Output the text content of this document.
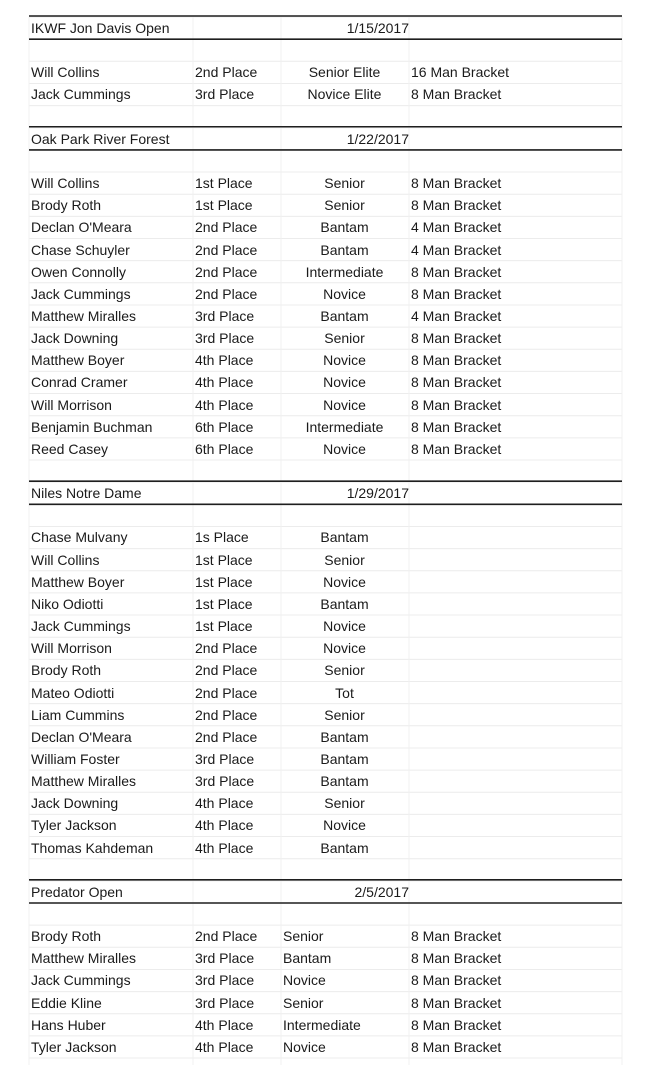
IKWF Jon Davis Open	1/15/2017
Will Collins	2nd Place	Senior Elite	16 Man Bracket
Jack Cummings	3rd Place	Novice Elite	8 Man Bracket
Oak Park River Forest	1/22/2017
Will Collins	1st Place	Senior	8 Man Bracket
Brody Roth	1st Place	Senior	8 Man Bracket
Declan O'Meara	2nd Place	Bantam	4 Man Bracket
Chase Schuyler	2nd Place	Bantam	4 Man Bracket
Owen Connolly	2nd Place	Intermediate	8 Man Bracket
Jack Cummings	2nd Place	Novice	8 Man Bracket
Matthew Miralles	3rd Place	Bantam	4 Man Bracket
Jack Downing	3rd Place	Senior	8 Man Bracket
Matthew Boyer	4th Place	Novice	8 Man Bracket
Conrad Cramer	4th Place	Novice	8 Man Bracket
Will Morrison	4th Place	Novice	8 Man Bracket
Benjamin Buchman	6th Place	Intermediate	8 Man Bracket
Reed Casey	6th Place	Novice	8 Man Bracket
Niles Notre Dame	1/29/2017
Chase Mulvany	1s Place	Bantam
Will Collins	1st Place	Senior
Matthew Boyer	1st Place	Novice
Niko Odiotti	1st Place	Bantam
Jack Cummings	1st Place	Novice
Will Morrison	2nd Place	Novice
Brody Roth	2nd Place	Senior
Mateo Odiotti	2nd Place	Tot
Liam Cummins	2nd Place	Senior
Declan O'Meara	2nd Place	Bantam
William Foster	3rd Place	Bantam
Matthew Miralles	3rd Place	Bantam
Jack Downing	4th Place	Senior
Tyler Jackson	4th Place	Novice
Thomas Kahdeman	4th Place	Bantam
Predator Open	2/5/2017
Brody Roth	2nd Place	Senior	8 Man Bracket
Matthew Miralles	3rd Place	Bantam	8 Man Bracket
Jack Cummings	3rd Place	Novice	8 Man Bracket
Eddie Kline	3rd Place	Senior	8 Man Bracket
Hans Huber	4th Place	Intermediate	8 Man Bracket
Tyler Jackson	4th Place	Novice	8 Man Bracket
